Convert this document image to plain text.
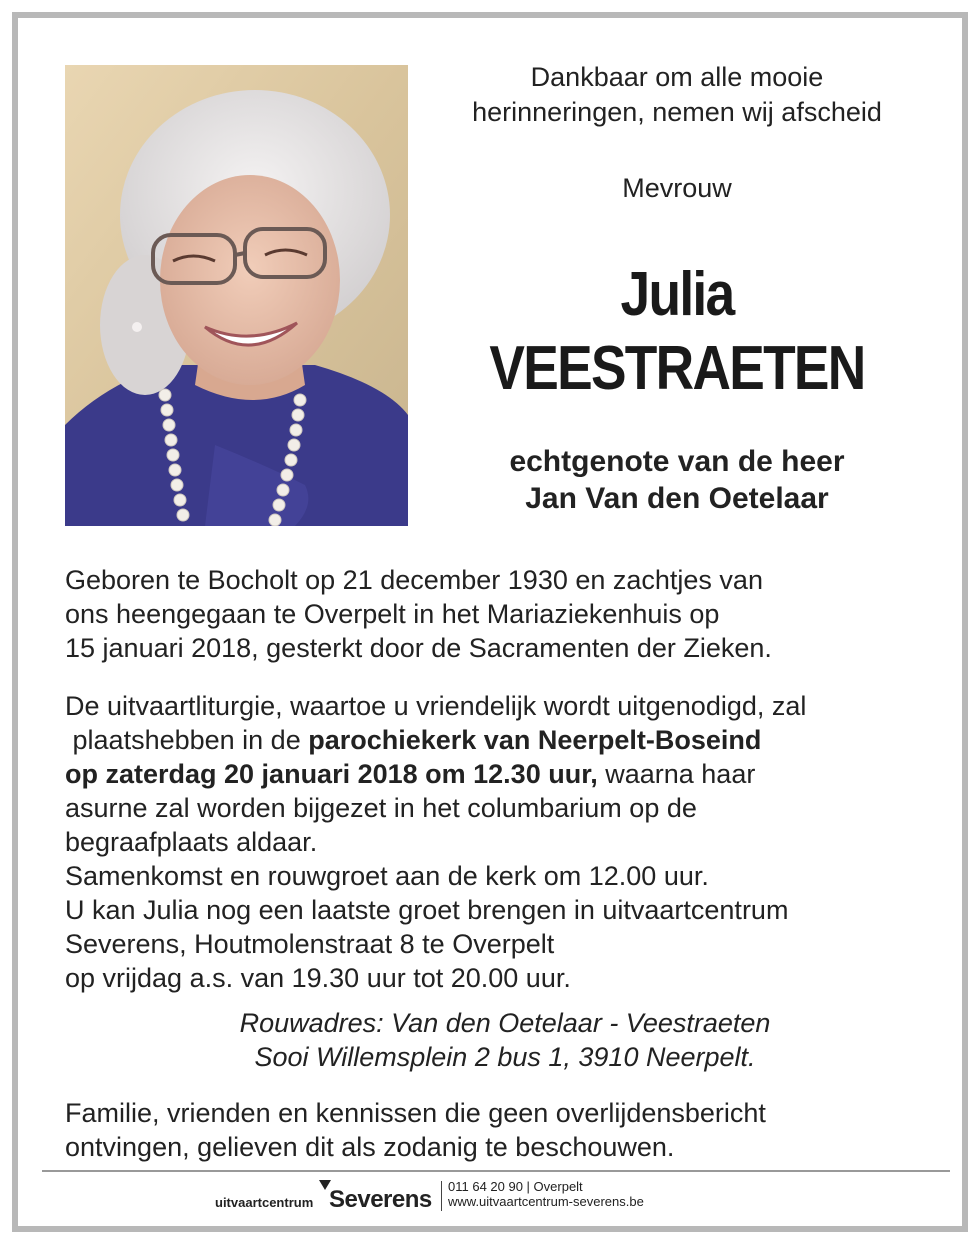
Dankbaar om alle mooie
herinneringen, nemen wij afscheid
Mevrouw
Julia
VEESTRAETEN
echtgenote van de heer
Jan Van den Oetelaar
Geboren te Bocholt op 21 december 1930 en zachtjes van
ons heengegaan te Overpelt in het Mariaziekenhuis op
15 januari 2018, gesterkt door de Sacramenten der Zieken.
De uitvaartliturgie, waartoe u vriendelijk wordt uitgenodigd, zal
plaatshebben in de parochiekerk van Neerpelt-Boseind
op zaterdag 20 januari 2018 om 12.30 uur, waarna haar
asurne zal worden bijgezet in het columbarium op de
begraafplaats aldaar.
Samenkomst en rouwgroet aan de kerk om 12.00 uur.
U kan Julia nog een laatste groet brengen in uitvaartcentrum
Severens, Houtmolenstraat 8 te Overpelt
op vrijdag a.s. van 19.30 uur tot 20.00 uur.
Rouwadres: Van den Oetelaar - Veestraeten
Sooi Willemsplein 2 bus 1, 3910 Neerpelt.
Familie, vrienden en kennissen die geen overlijdensbericht
ontvingen, gelieven dit als zodanig te beschouwen.
uitvaartcentrum Severens 011 64 20 90 | Overpelt
www.uitvaartcentrum-severens.be
